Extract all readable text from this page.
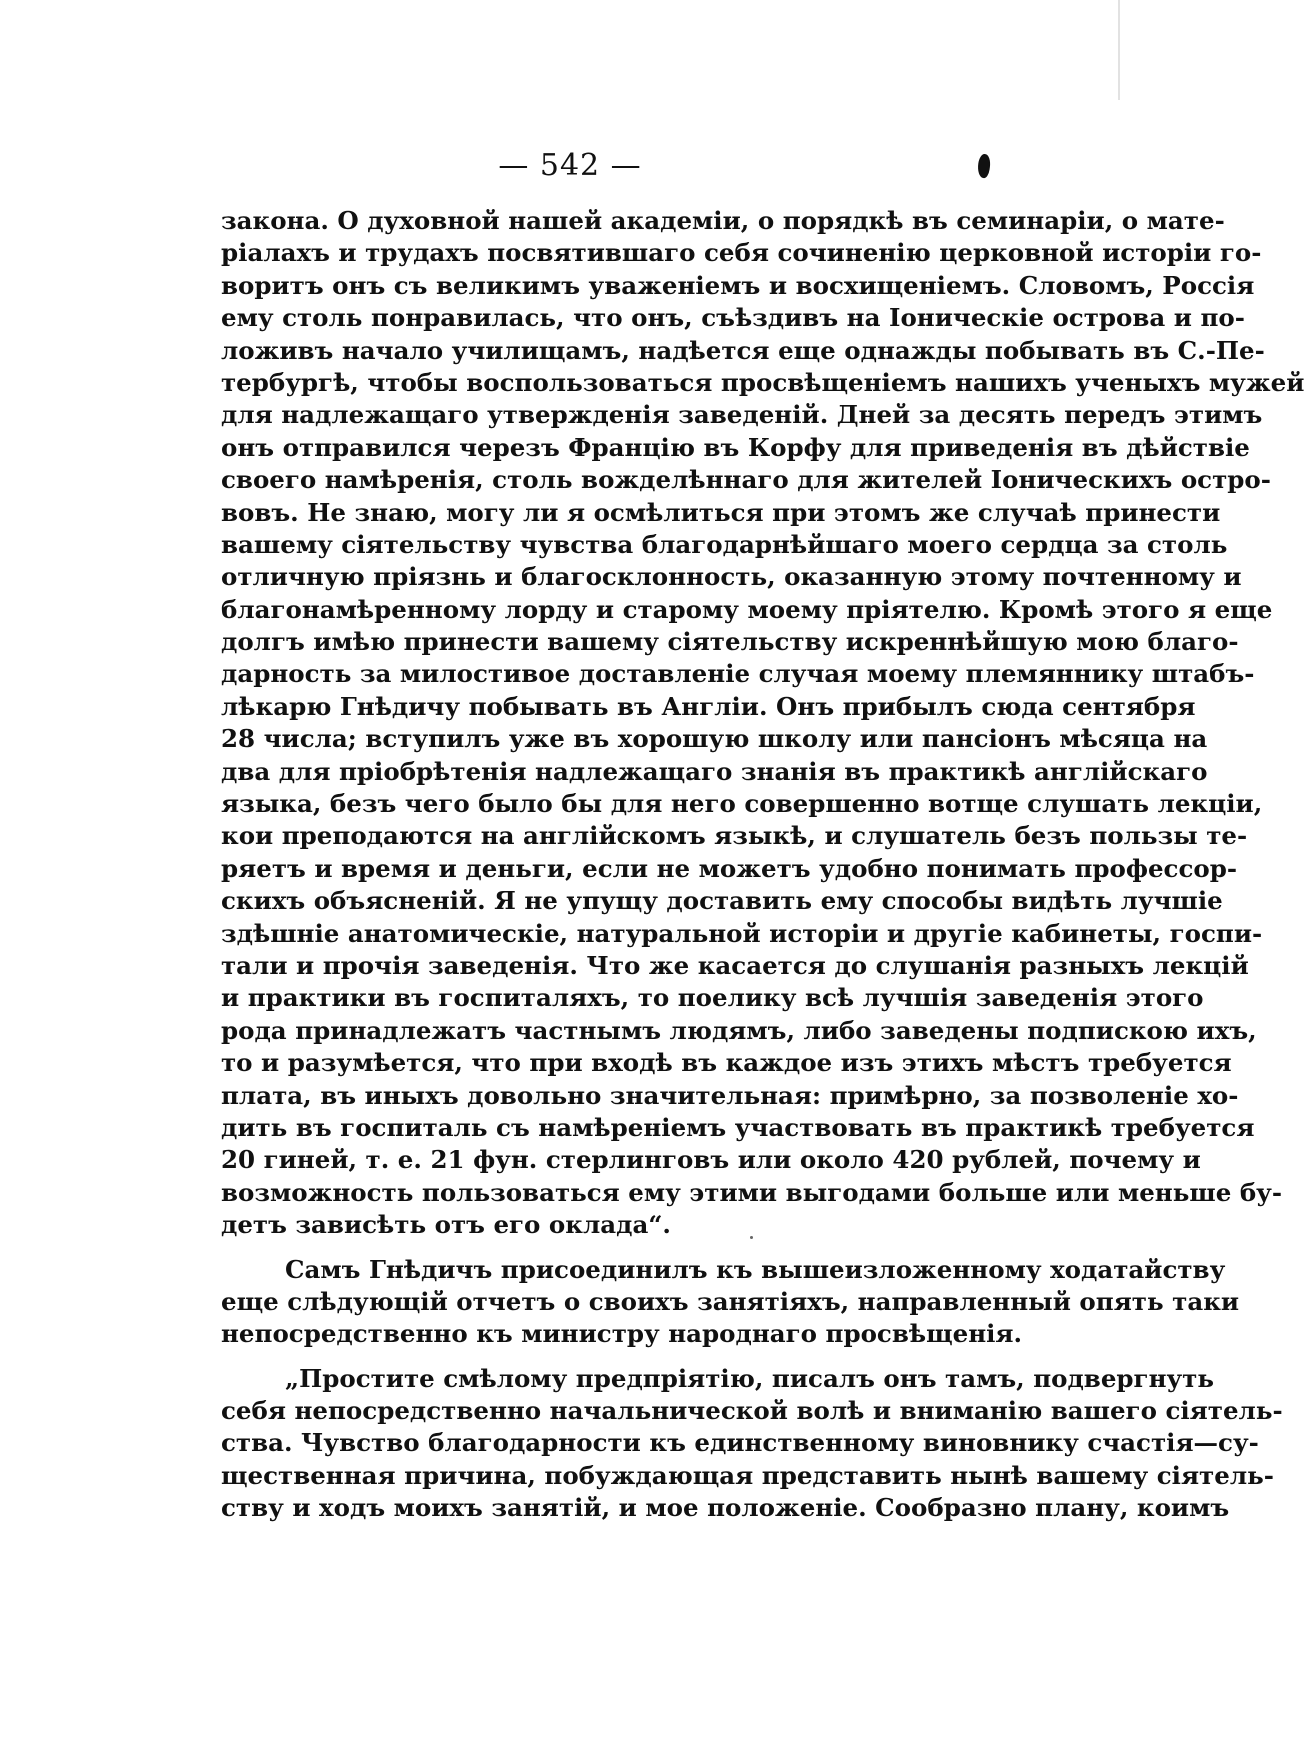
— 542 —
закона. О духовной нашей академіи, о порядкѣ въ семинаріи, о мате-
ріалахъ и трудахъ посвятившаго себя сочиненію церковной исторіи го-
воритъ онъ съ великимъ уваженіемъ и восхищеніемъ. Словомъ, Россія
ему столь понравилась, что онъ, съѣздивъ на Іоническіе острова и по-
ложивъ начало училищамъ, надѣется еще однажды побывать въ С.-Пе-
тербургѣ, чтобы воспользоваться просвѣщеніемъ нашихъ ученыхъ мужей
для надлежащаго утвержденія заведеній. Дней за десять передъ этимъ
онъ отправился черезъ Францію въ Корфу для приведенія въ дѣйствіе
своего намѣренія, столь вожделѣннаго для жителей Іоническихъ остро-
вовъ. Не знаю, могу ли я осмѣлиться при этомъ же случаѣ принести
вашему сіятельству чувства благодарнѣйшаго моего сердца за столь
отличную пріязнь и благосклонность, оказанную этому почтенному и
благонамѣренному лорду и старому моему пріятелю. Кромѣ этого я еще
долгъ имѣю принести вашему сіятельству искреннѣйшую мою благо-
дарность за милостивое доставленіе случая моему племяннику штабъ-
лѣкарю Гнѣдичу побывать въ Англіи. Онъ прибылъ сюда сентября
28 числа; вступилъ уже въ хорошую школу или пансіонъ мѣсяца на
два для пріобрѣтенія надлежащаго знанія въ практикѣ англійскаго
языка, безъ чего было бы для него совершенно вотще слушать лекціи,
кои преподаются на англійскомъ языкѣ, и слушатель безъ пользы те-
ряетъ и время и деньги, если не можетъ удобно понимать профессор-
скихъ объясненій. Я не упущу доставить ему способы видѣть лучшіе
здѣшніе анатомическіе, натуральной исторіи и другіе кабинеты, госпи-
тали и прочія заведенія. Что же касается до слушанія разныхъ лекцій
и практики въ госпиталяхъ, то поелику всѣ лучшія заведенія этого
рода принадлежатъ частнымъ людямъ, либо заведены подпискою ихъ,
то и разумѣется, что при входѣ въ каждое изъ этихъ мѣстъ требуется
плата, въ иныхъ довольно значительная: примѣрно, за позволеніе хо-
дить въ госпиталь съ намѣреніемъ участвовать въ практикѣ требуется
20 гиней, т. е. 21 фун. стерлинговъ или около 420 рублей, почему и
возможность пользоваться ему этими выгодами больше или меньше бу-
детъ зависѣть отъ его оклада“.
Самъ Гнѣдичъ присоединилъ къ вышеизложенному ходатайству
еще слѣдующій отчетъ о своихъ занятіяхъ, направленный опять таки
непосредственно къ министру народнаго просвѣщенія.
„Простите смѣлому предпріятію, писалъ онъ тамъ, подвергнуть
себя непосредственно начальнической волѣ и вниманію вашего сіятель-
ства. Чувство благодарности къ единственному виновнику счастія—су-
щественная причина, побуждающая представить нынѣ вашему сіятель-
ству и ходъ моихъ занятій, и мое положеніе. Сообразно плану, коимъ
